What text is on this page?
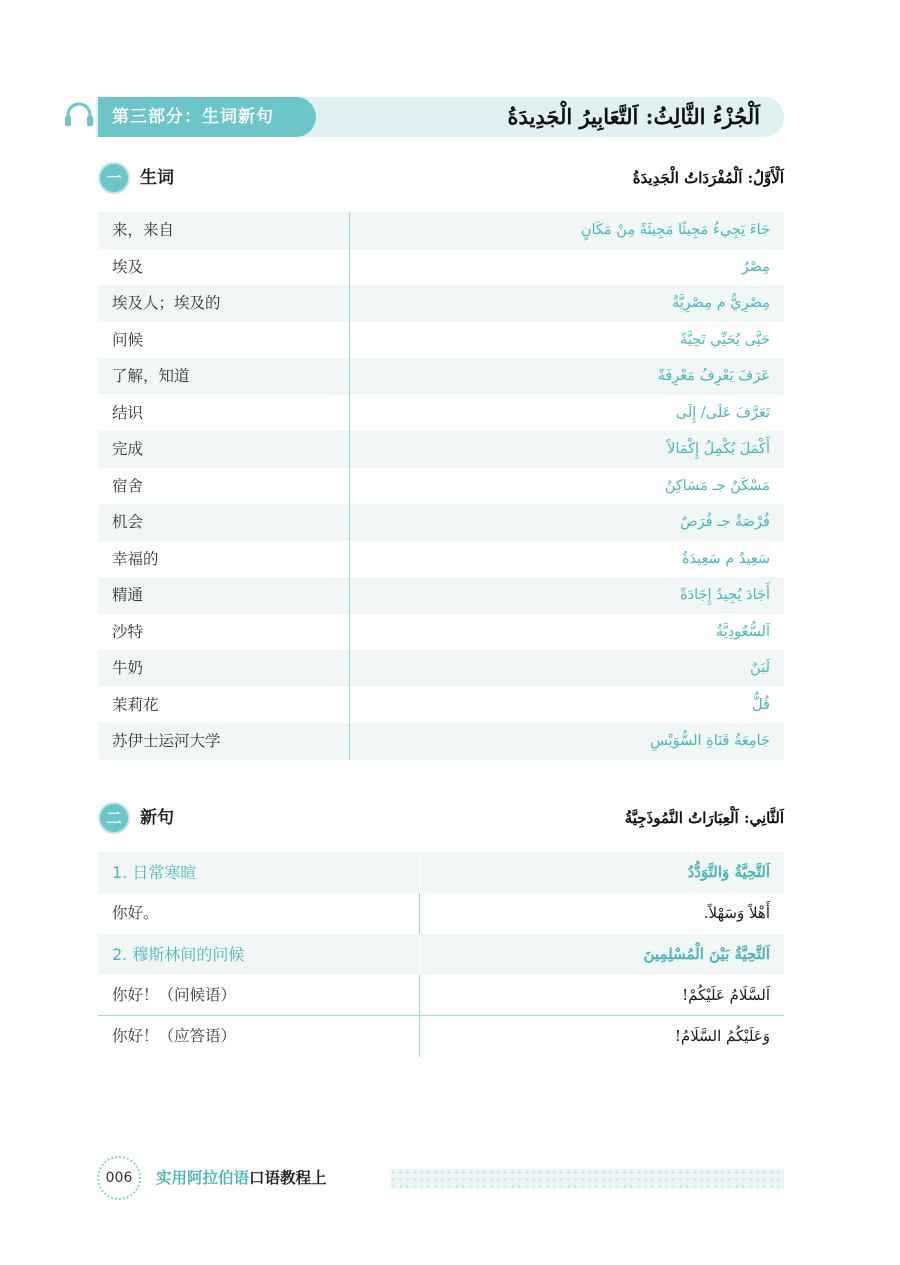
第三部分：生词新句	اَلْجُزْءُ الثَّالِثُ: اَلتَّعَابِيرُ الْجَدِيدَةُ
一	生词	اَلْأَوَّلُ: اَلْمُفْرَدَاتُ الْجَدِيدَةُ
来，来自	جَاءَ يَجِيءُ مَجِيئًا مَجِيئَةً مِنْ مَكَانٍ
埃及	مِصْرُ
埃及人；埃及的	مِصْرِيٌّ م مِصْرِيَّةٌ
问候	حَيَّى يُحَيِّي تَحِيَّةً
了解，知道	عَرَفَ يَعْرِفُ مَعْرِفَةً
结识	تَعَرَّفَ عَلَى/ إِلَى
完成	أَكْمَلَ يُكْمِلُ إِكْمَالاً
宿舍	مَسْكَنٌ جـ مَسَاكِنُ
机会	فُرْصَةٌ جـ فُرَصٌ
幸福的	سَعِيدٌ م سَعِيدَةٌ
精通	أَجَادَ يُجِيدُ إِجَادَةً
沙特	اَلسُّعُودِيَّةُ
牛奶	لَبَنٌ
茉莉花	فُلٌّ
苏伊士运河大学	جَامِعَةُ قَنَاةِ السُّوَيْسِ
二	新句	اَلثَّانِي: اَلْعِبَارَاتُ النَّمُوذَجِيَّةُ
1. 日常寒暄	اَلتَّحِيَّةُ وَالتَّوَدُّدُ
你好。	أَهْلاً وَسَهْلاً.
2. 穆斯林间的问候	اَلتَّحِيَّةُ بَيْنَ الْمُسْلِمِينَ
你好！（问候语）	اَلسَّلَامُ عَلَيْكُمْ!
你好！（应答语）	وَعَلَيْكُمُ السَّلَامُ!
006	实用阿拉伯语口语教程上
